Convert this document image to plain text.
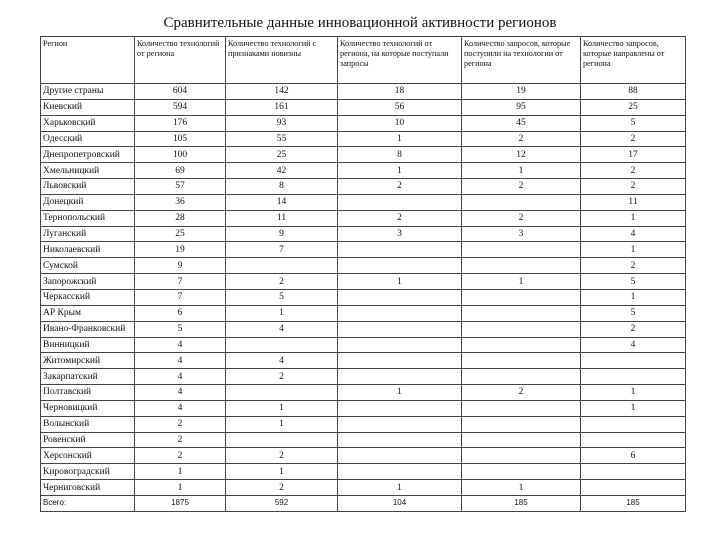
Сравнительные данные инновационной активности регионов
Регион	Количество технологий от региона	Количество технологий с признаками новизны	Количество технологий от региона, на которые поступали запросы	Количество запросов, которые поступили на технологии от региона	Количество запросов, которые направлены от региона
Другие страны	604	142	18	19	88
Киевский	594	161	56	95	25
Харьковский	176	93	10	45	5
Одесский	105	55	1	2	2
Днепропетровский	100	25	8	12	17
Хмельницкий	69	42	1	1	2
Львовский	57	8	2	2	2
Донецкий	36	14			11
Тернопольский	28	11	2	2	1
Луганский	25	9	3	3	4
Николаевский	19	7			1
Сумской	9				2
Запорожский	7	2	1	1	5
Черкасский	7	5			1
АР Крым	6	1			5
Ивано-Франковский	5	4			2
Винницкий	4				4
Житомирский	4	4			
Закарпатский	4	2			
Полтавский	4		1	2	1
Черновицкий	4	1			1
Волынский	2	1			
Ровенский	2				
Херсонский	2	2			6
Кировоградский	1	1			
Черниговский	1	2	1	1	
Всего:	1875	592	104	185	185
